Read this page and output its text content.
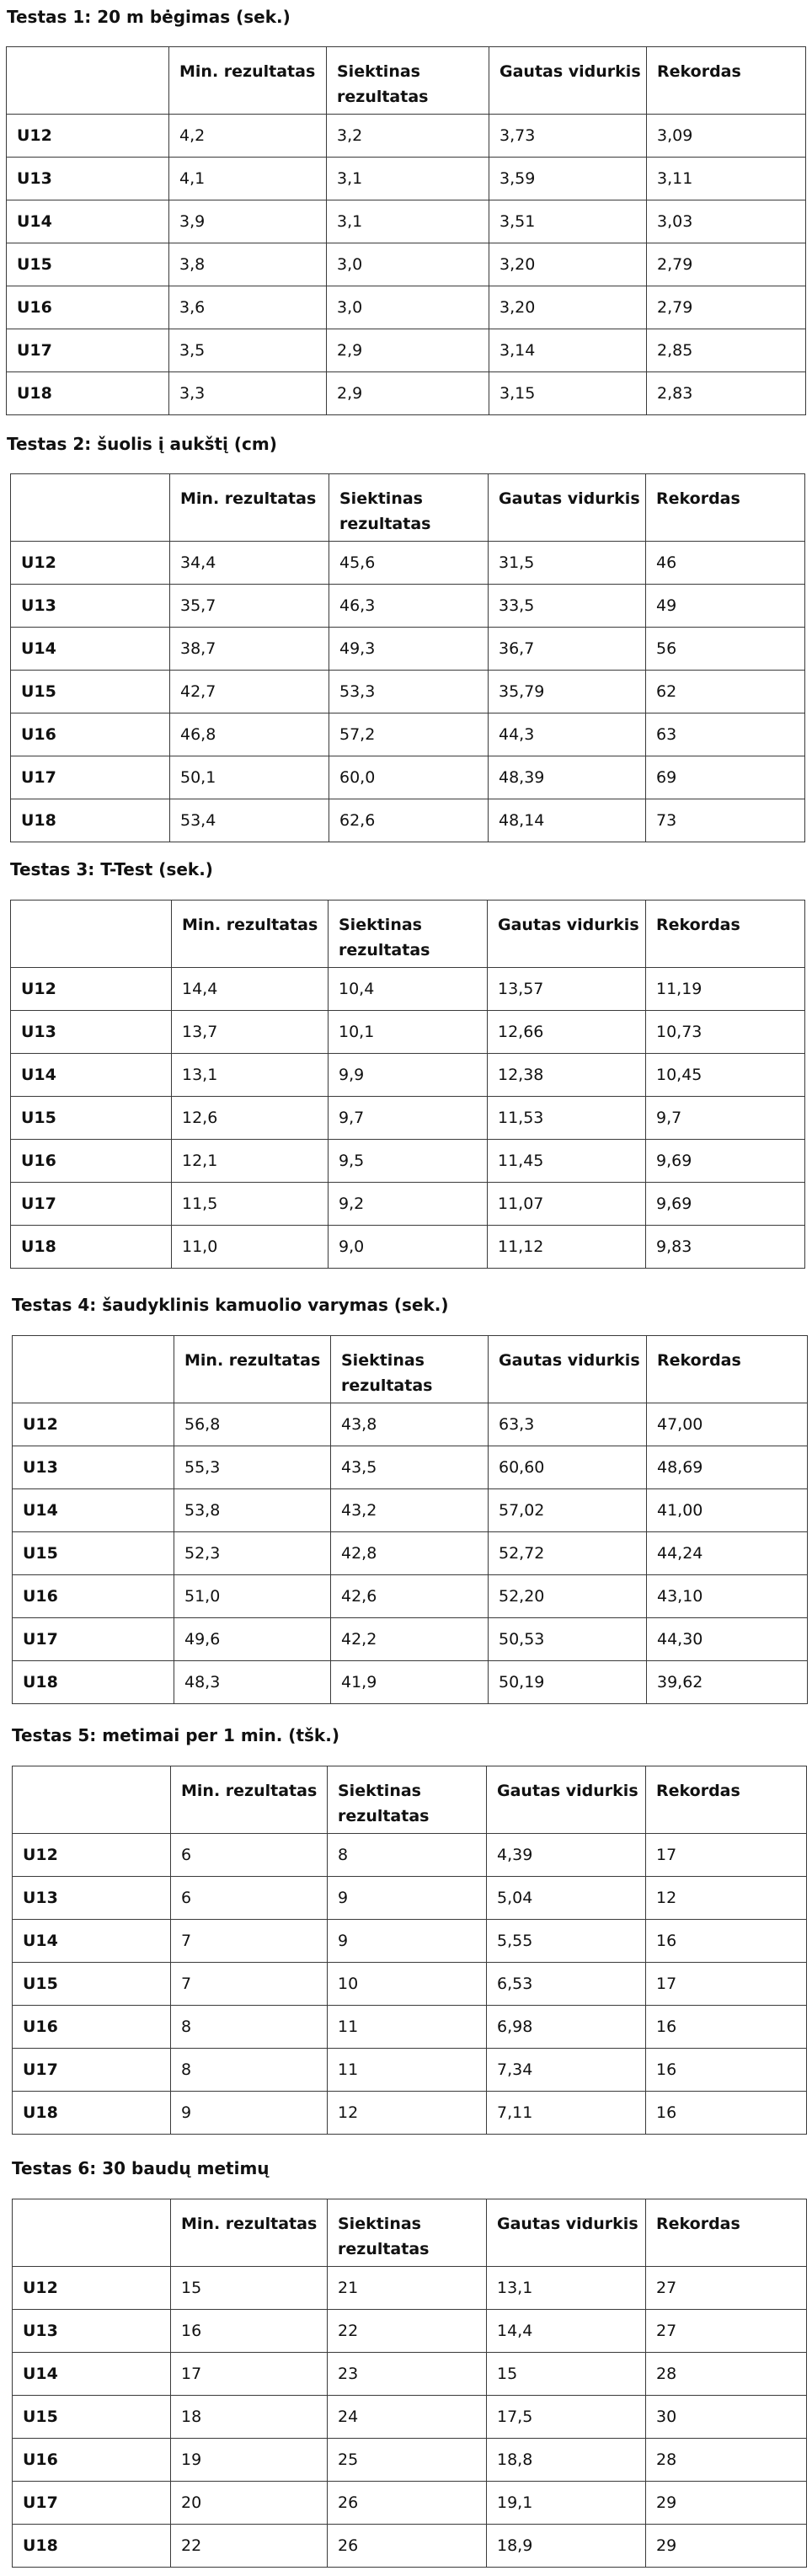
Testas 1: 20 m bėgimas (sek.)
	Min. rezultatas	Siektinas rezultatas	Gautas vidurkis	Rekordas
U12	4,2	3,2	3,73	3,09
U13	4,1	3,1	3,59	3,11
U14	3,9	3,1	3,51	3,03
U15	3,8	3,0	3,20	2,79
U16	3,6	3,0	3,20	2,79
U17	3,5	2,9	3,14	2,85
U18	3,3	2,9	3,15	2,83
Testas 2: šuolis į aukštį (cm)
	Min. rezultatas	Siektinas rezultatas	Gautas vidurkis	Rekordas
U12	34,4	45,6	31,5	46
U13	35,7	46,3	33,5	49
U14	38,7	49,3	36,7	56
U15	42,7	53,3	35,79	62
U16	46,8	57,2	44,3	63
U17	50,1	60,0	48,39	69
U18	53,4	62,6	48,14	73
Testas 3: T-Test (sek.)
	Min. rezultatas	Siektinas rezultatas	Gautas vidurkis	Rekordas
U12	14,4	10,4	13,57	11,19
U13	13,7	10,1	12,66	10,73
U14	13,1	9,9	12,38	10,45
U15	12,6	9,7	11,53	9,7
U16	12,1	9,5	11,45	9,69
U17	11,5	9,2	11,07	9,69
U18	11,0	9,0	11,12	9,83
Testas 4: šaudyklinis kamuolio varymas (sek.)
	Min. rezultatas	Siektinas rezultatas	Gautas vidurkis	Rekordas
U12	56,8	43,8	63,3	47,00
U13	55,3	43,5	60,60	48,69
U14	53,8	43,2	57,02	41,00
U15	52,3	42,8	52,72	44,24
U16	51,0	42,6	52,20	43,10
U17	49,6	42,2	50,53	44,30
U18	48,3	41,9	50,19	39,62
Testas 5: metimai per 1 min. (tšk.)
	Min. rezultatas	Siektinas rezultatas	Gautas vidurkis	Rekordas
U12	6	8	4,39	17
U13	6	9	5,04	12
U14	7	9	5,55	16
U15	7	10	6,53	17
U16	8	11	6,98	16
U17	8	11	7,34	16
U18	9	12	7,11	16
Testas 6: 30 baudų metimų
	Min. rezultatas	Siektinas rezultatas	Gautas vidurkis	Rekordas
U12	15	21	13,1	27
U13	16	22	14,4	27
U14	17	23	15	28
U15	18	24	17,5	30
U16	19	25	18,8	28
U17	20	26	19,1	29
U18	22	26	18,9	29
